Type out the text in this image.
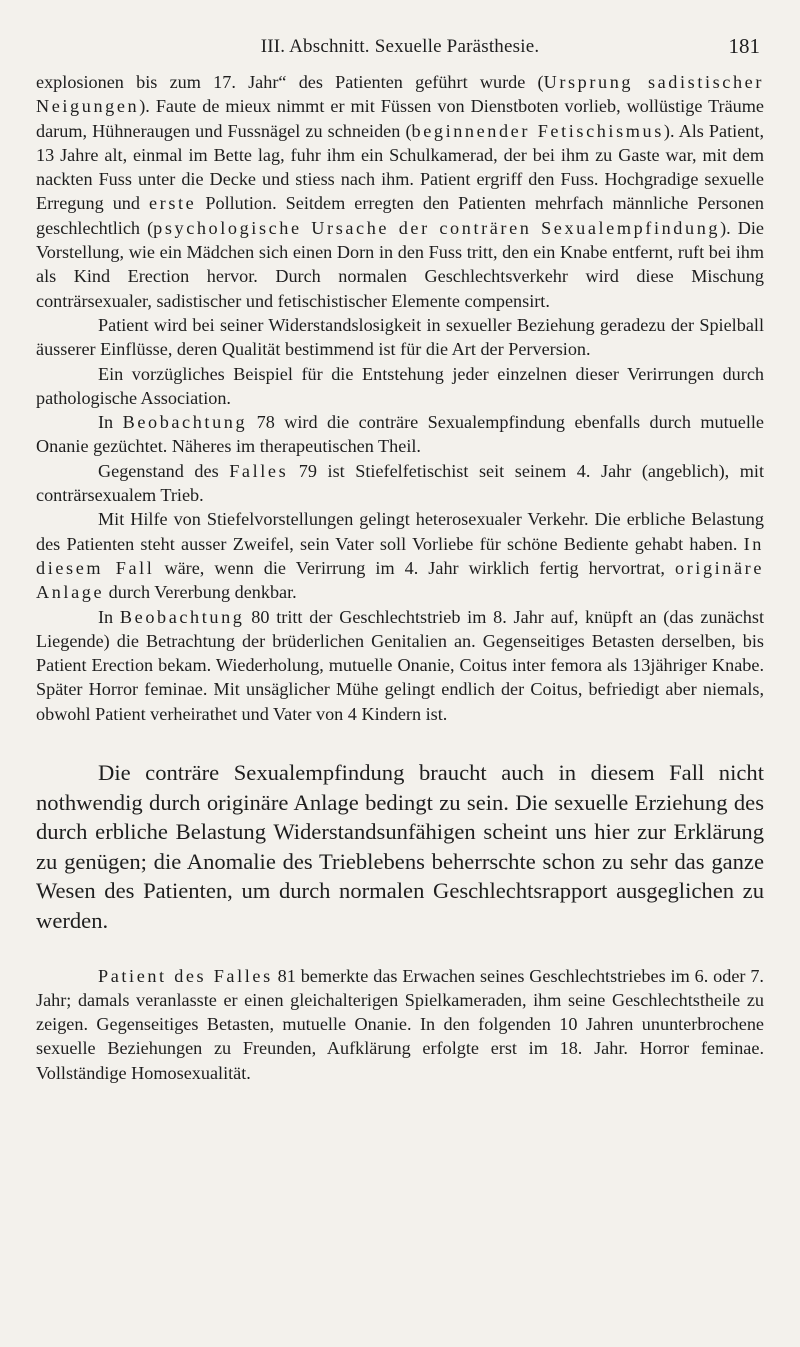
III. Abschnitt. Sexuelle Parästhesie.	181

explosionen bis zum 17. Jahr“ des Patienten geführt wurde (Ursprung sadistischer Neigungen). Faute de mieux nimmt er mit Füssen von Dienstboten vorlieb, wollüstige Träume darum, Hühneraugen und Fussnägel zu schneiden (beginnender Fetischismus). Als Patient, 13 Jahre alt, einmal im Bette lag, fuhr ihm ein Schulkamerad, der bei ihm zu Gaste war, mit dem nackten Fuss unter die Decke und stiess nach ihm. Patient ergriff den Fuss. Hochgradige sexuelle Erregung und erste Pollution. Seitdem erregten den Patienten mehrfach männliche Personen geschlechtlich (psychologische Ursache der conträren Sexualempfindung). Die Vorstellung, wie ein Mädchen sich einen Dorn in den Fuss tritt, den ein Knabe entfernt, ruft bei ihm als Kind Erection hervor. Durch normalen Geschlechtsverkehr wird diese Mischung conträrsexualer, sadistischer und fetischistischer Elemente compensirt.

Patient wird bei seiner Widerstandslosigkeit in sexueller Beziehung geradezu der Spielball äusserer Einflüsse, deren Qualität bestimmend ist für die Art der Perversion.

Ein vorzügliches Beispiel für die Entstehung jeder einzelnen dieser Verirrungen durch pathologische Association.

In Beobachtung 78 wird die conträre Sexualempfindung ebenfalls durch mutuelle Onanie gezüchtet. Näheres im therapeutischen Theil.

Gegenstand des Falles 79 ist Stiefelfetischist seit seinem 4. Jahr (angeblich), mit conträrsexualem Trieb.

Mit Hilfe von Stiefelvorstellungen gelingt heterosexualer Verkehr. Die erbliche Belastung des Patienten steht ausser Zweifel, sein Vater soll Vorliebe für schöne Bediente gehabt haben. In diesem Fall wäre, wenn die Verirrung im 4. Jahr wirklich fertig hervortrat, originäre Anlage durch Vererbung denkbar.

In Beobachtung 80 tritt der Geschlechtstrieb im 8. Jahr auf, knüpft an (das zunächst Liegende) die Betrachtung der brüderlichen Genitalien an. Gegenseitiges Betasten derselben, bis Patient Erection bekam. Wiederholung, mutuelle Onanie, Coitus inter femora als 13jähriger Knabe. Später Horror feminae. Mit unsäglicher Mühe gelingt endlich der Coitus, befriedigt aber niemals, obwohl Patient verheirathet und Vater von 4 Kindern ist.

Die conträre Sexualempfindung braucht auch in diesem Fall nicht nothwendig durch originäre Anlage bedingt zu sein. Die sexuelle Erziehung des durch erbliche Belastung Widerstandsunfähigen scheint uns hier zur Erklärung zu genügen; die Anomalie des Trieblebens beherrschte schon zu sehr das ganze Wesen des Patienten, um durch normalen Geschlechtsrapport ausgeglichen zu werden.

Patient des Falles 81 bemerkte das Erwachen seines Geschlechtstriebes im 6. oder 7. Jahr; damals veranlasste er einen gleichalterigen Spielkameraden, ihm seine Geschlechtstheile zu zeigen. Gegenseitiges Betasten, mutuelle Onanie. In den folgenden 10 Jahren ununterbrochene sexuelle Beziehungen zu Freunden, Aufklärung erfolgte erst im 18. Jahr. Horror feminae. Vollständige Homosexualität.
